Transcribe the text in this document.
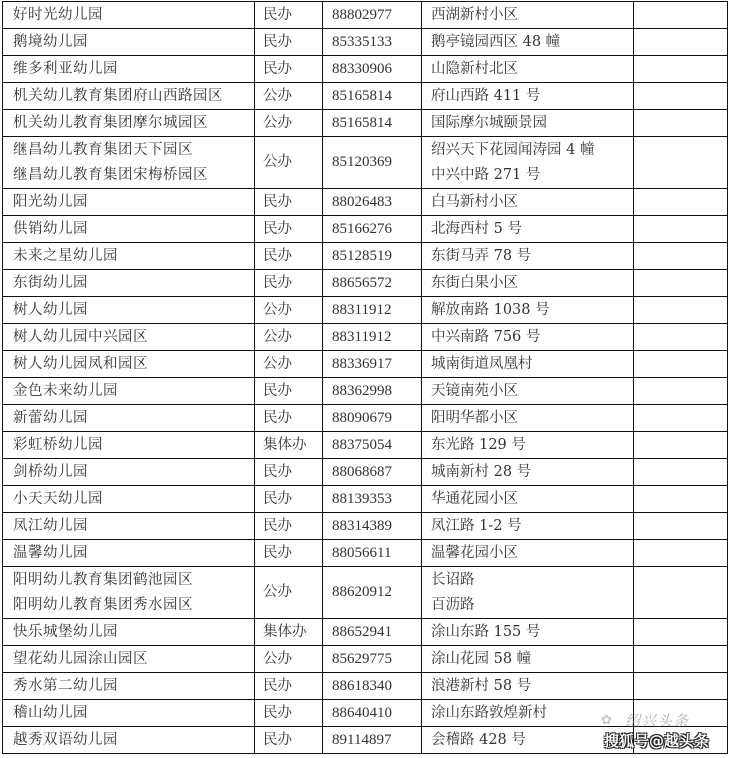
好时光幼儿园	民办	88802977	西湖新村小区	

鹅境幼儿园	民办	85335133	鹅亭镜园西区 48 幢	

维多利亚幼儿园	民办	88330906	山隐新村北区	

机关幼儿教育集团府山西路园区	公办	85165814	府山西路 411 号	

机关幼儿教育集团摩尔城园区	公办	85165814	国际摩尔城颐景园	

继昌幼儿教育集团天下园区
继昌幼儿教育集团宋梅桥园区	公办	85120369	绍兴天下花园闻涛园 4 幢
中兴中路 271 号	

阳光幼儿园	民办	88026483	白马新村小区	

供销幼儿园	民办	85166276	北海西村 5 号	

未来之星幼儿园	民办	85128519	东街马弄 78 号	

东街幼儿园	民办	88656572	东街白果小区	

树人幼儿园	公办	88311912	解放南路 1038 号	

树人幼儿园中兴园区	公办	88311912	中兴南路 756 号	

树人幼儿园凤和园区	公办	88336917	城南街道凤凰村	

金色未来幼儿园	民办	88362998	天镜南苑小区	

新蕾幼儿园	民办	88090679	阳明华都小区	

彩虹桥幼儿园	集体办	88375054	东光路 129 号	

剑桥幼儿园	民办	88068687	城南新村 28 号	

小天天幼儿园	民办	88139353	华通花园小区	

凤江幼儿园	民办	88314389	凤江路 1-2 号	

温馨幼儿园	民办	88056611	温馨花园小区	

阳明幼儿教育集团鹤池园区
阳明幼儿教育集团秀水园区	公办	88620912	长诏路
百沥路	

快乐城堡幼儿园	集体办	88652941	涂山东路 155 号	

望花幼儿园涂山园区	公办	85629775	涂山花园 58 幢	

秀水第二幼儿园	民办	88618340	浪港新村 58 号	

稽山幼儿园	民办	88640410	涂山东路敦煌新村	

越秀双语幼儿园	民办	89114897	会稽路 428 号	

✿ 绍兴头条
搜狐号@越头条
